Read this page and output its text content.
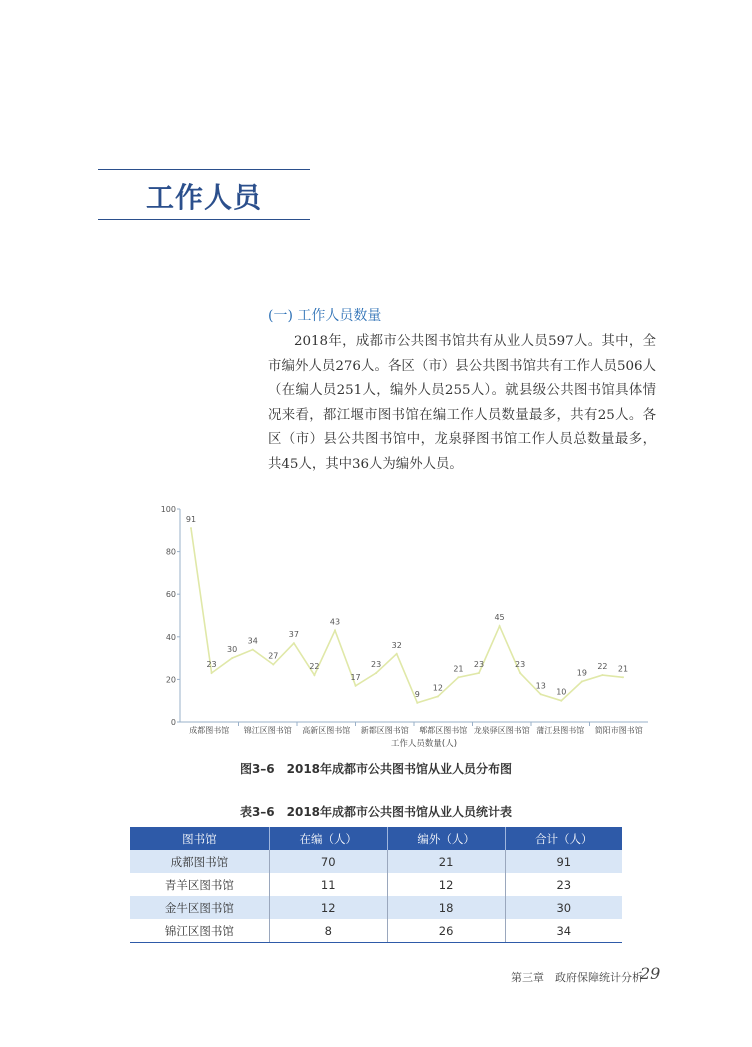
工作人员
(一) 工作人员数量
2018年，成都市公共图书馆共有从业人员597人。其中，全市编外人员276人。各区（市）县公共图书馆共有工作人员506人（在编人员251人，编外人员255人）。就县级公共图书馆具体情况来看，都江堰市图书馆在编工作人员数量最多，共有25人。各区（市）县公共图书馆中，龙泉驿图书馆工作人员总数量最多，共45人，其中36人为编外人员。
0
20
40
60
80
100
成都图书馆 锦江区图书馆 高新区图书馆 新都区图书馆 郫都区图书馆 龙泉驿区图书馆 蒲江县图书馆 简阳市图书馆
工作人员数量(人)
91
23
30
34
27
37
22
43
17
23
32
9
12
21 23
45
23
13
10
19
22 21
图3–6　2018年成都市公共图书馆从业人员分布图
表3–6　2018年成都市公共图书馆从业人员统计表
图书馆	在编（人）	编外（人）	合计（人）
成都图书馆	70	21	91
青羊区图书馆	11	12	23
金牛区图书馆	12	18	30
锦江区图书馆	8	26	34
第三章　政府保障统计分析
29
